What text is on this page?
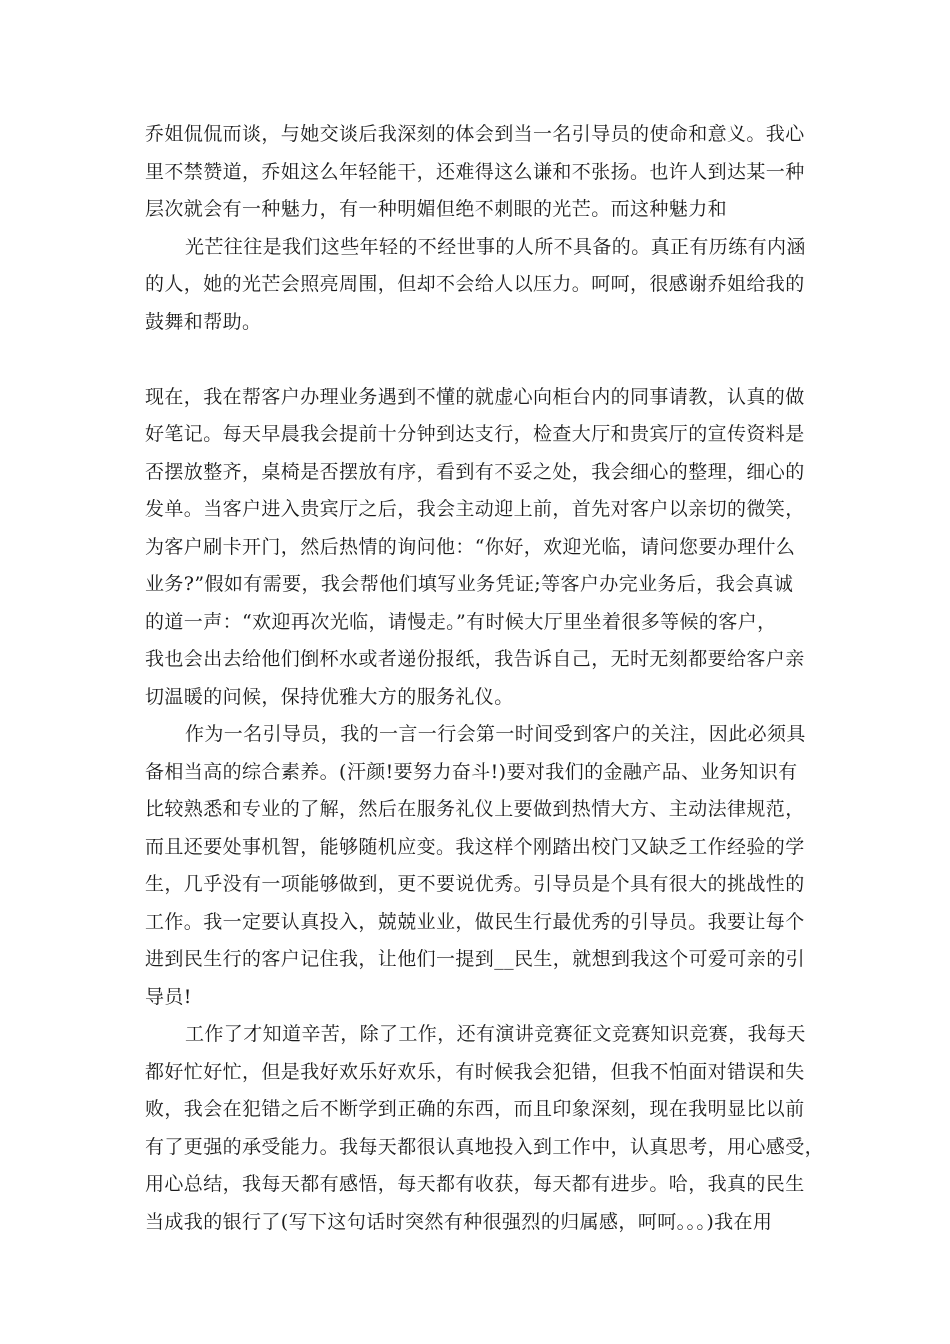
乔姐侃侃而谈，与她交谈后我深刻的体会到当一名引导员的使命和意义。我心
里不禁赞道，乔姐这么年轻能干，还难得这么谦和不张扬。也许人到达某一种
层次就会有一种魅力，有一种明媚但绝不刺眼的光芒。而这种魅力和
光芒往往是我们这些年轻的不经世事的人所不具备的。真正有历练有内涵
的人，她的光芒会照亮周围，但却不会给人以压力。呵呵，很感谢乔姐给我的
鼓舞和帮助。
现在，我在帮客户办理业务遇到不懂的就虚心向柜台内的同事请教，认真的做
好笔记。每天早晨我会提前十分钟到达支行，检查大厅和贵宾厅的宣传资料是
否摆放整齐，桌椅是否摆放有序，看到有不妥之处，我会细心的整理，细心的
发单。当客户进入贵宾厅之后，我会主动迎上前，首先对客户以亲切的微笑，
为客户刷卡开门，然后热情的询问他：“你好，欢迎光临，请问您要办理什么
业务?”假如有需要，我会帮他们填写业务凭证;等客户办完业务后，我会真诚
的道一声：“欢迎再次光临，请慢走。”有时候大厅里坐着很多等候的客户，
我也会出去给他们倒杯水或者递份报纸，我告诉自己，无时无刻都要给客户亲
切温暖的问候，保持优雅大方的服务礼仪。
作为一名引导员，我的一言一行会第一时间受到客户的关注，因此必须具
备相当高的综合素养。(汗颜!要努力奋斗!)要对我们的金融产品、业务知识有
比较熟悉和专业的了解，然后在服务礼仪上要做到热情大方、主动法律规范，
而且还要处事机智，能够随机应变。我这样个刚踏出校门又缺乏工作经验的学
生，几乎没有一项能够做到，更不要说优秀。引导员是个具有很大的挑战性的
工作。我一定要认真投入，兢兢业业，做民生行最优秀的引导员。我要让每个
进到民生行的客户记住我，让他们一提到__民生，就想到我这个可爱可亲的引
导员!
工作了才知道辛苦，除了工作，还有演讲竞赛征文竞赛知识竞赛，我每天
都好忙好忙，但是我好欢乐好欢乐，有时候我会犯错，但我不怕面对错误和失
败，我会在犯错之后不断学到正确的东西，而且印象深刻，现在我明显比以前
有了更强的承受能力。我每天都很认真地投入到工作中，认真思考，用心感受，
用心总结，我每天都有感悟，每天都有收获，每天都有进步。哈，我真的民生
当成我的银行了(写下这句话时突然有种很强烈的归属感，呵呵。。。)我在用
